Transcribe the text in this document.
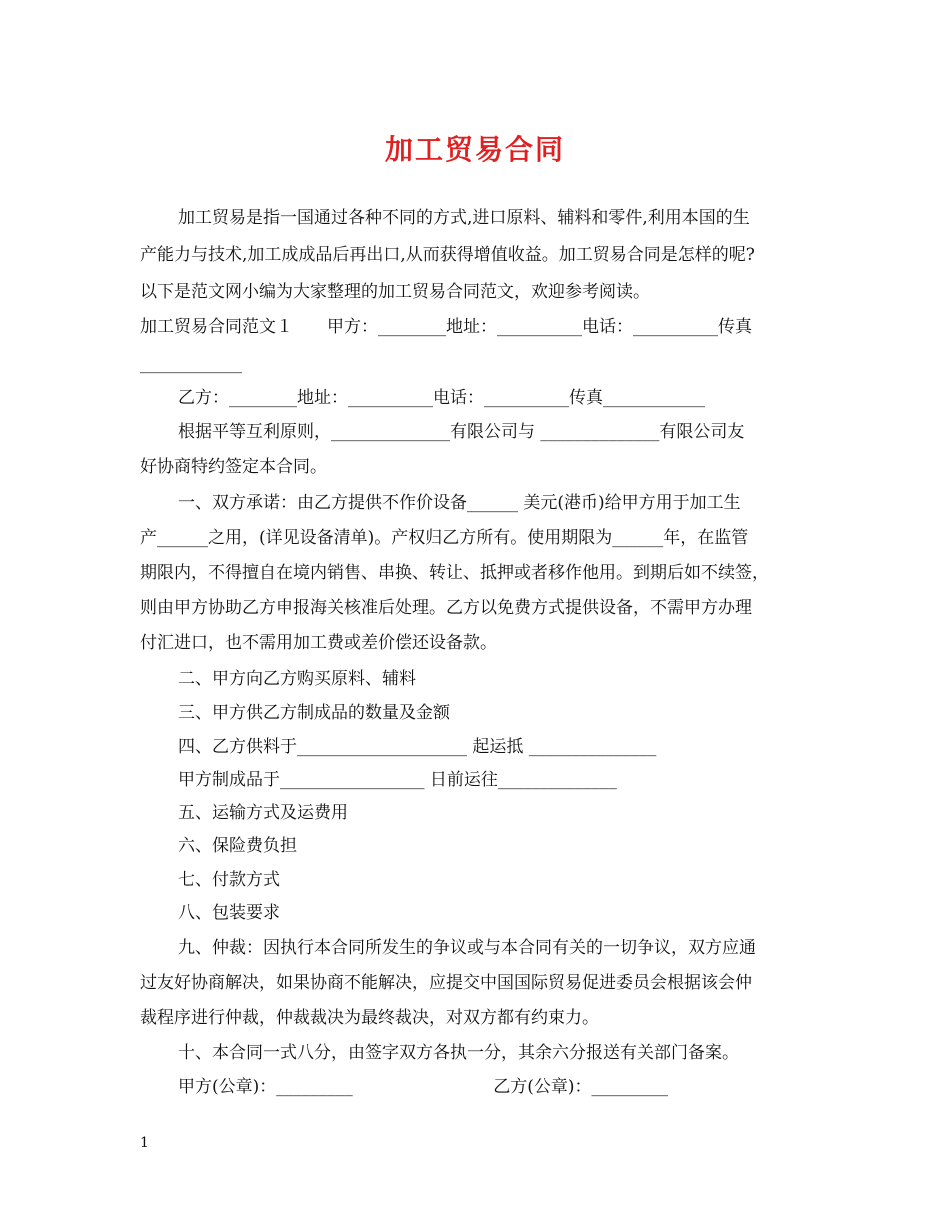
加工贸易合同
加工贸易是指一国通过各种不同的方式,进口原料、辅料和零件,利用本国的生
产能力与技术,加工成成品后再出口,从而获得增值收益。加工贸易合同是怎样的呢?
以下是范文网小编为大家整理的加工贸易合同范文，欢迎参考阅读。
加工贸易合同范文１　　甲方：________地址：__________电话：__________传真
____________
乙方：________地址：__________电话：__________传真____________
根据平等互利原则，______________有限公司与 ______________有限公司友
好协商特约签定本合同。
一、双方承诺：由乙方提供不作价设备______ 美元(港币)给甲方用于加工生
产______之用，(详见设备清单)。产权归乙方所有。使用期限为______年，在监管
期限内，不得擅自在境内销售、串换、转让、抵押或者移作他用。到期后如不续签，
则由甲方协助乙方申报海关核准后处理。乙方以免费方式提供设备，不需甲方办理
付汇进口，也不需用加工费或差价偿还设备款。
二、甲方向乙方购买原料、辅料
三、甲方供乙方制成品的数量及金额
四、乙方供料于____________________ 起运抵 _______________
甲方制成品于_________________ 日前运往______________
五、运输方式及运费用
六、保险费负担
七、付款方式
八、包装要求
九、仲裁：因执行本合同所发生的争议或与本合同有关的一切争议，双方应通
过友好协商解决，如果协商不能解决，应提交中国国际贸易促进委员会根据该会仲
裁程序进行仲裁，仲裁裁决为最终裁决，对双方都有约束力。
十、本合同一式八分，由签字双方各执一分，其余六分报送有关部门备案。
甲方(公章)：_________                          乙方(公章)：_________
1
